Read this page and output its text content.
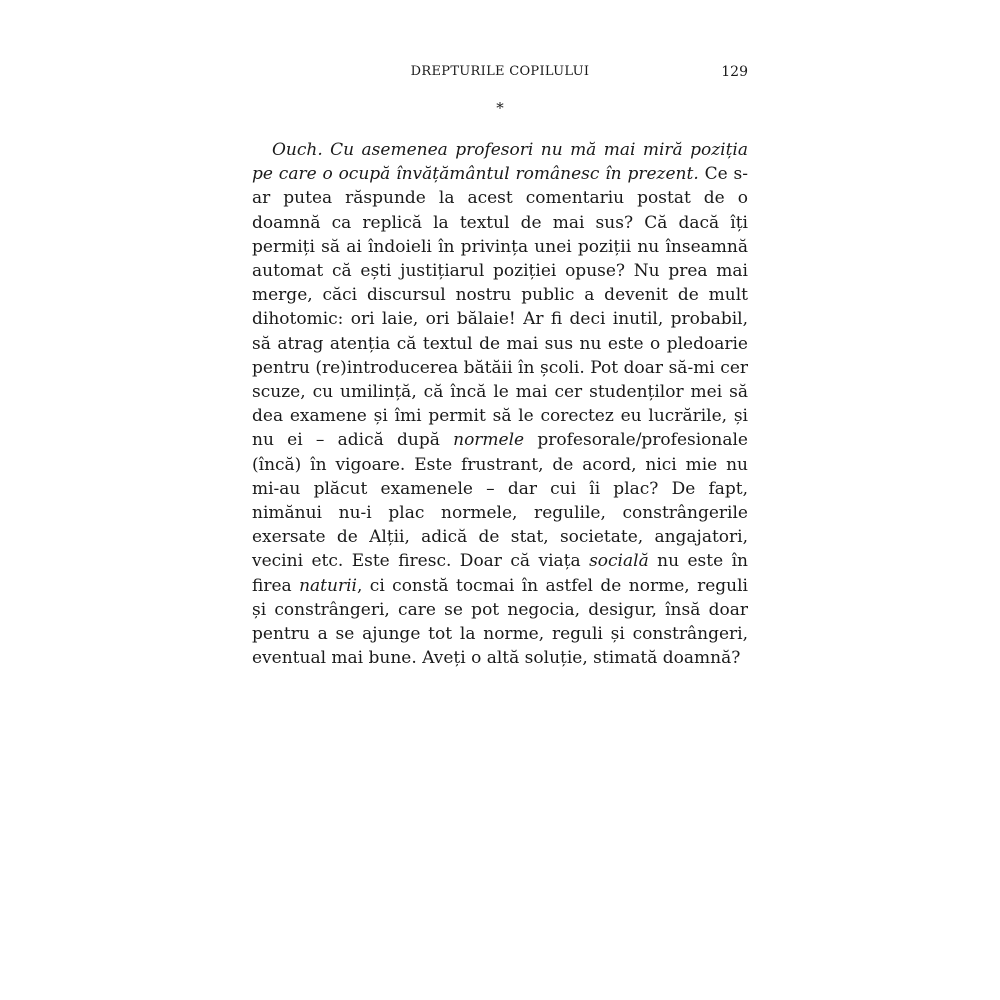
DREPTURILE COPILULUI	129
*

Ouch. Cu asemenea profesori nu mă mai miră poziția pe care o ocupă învățământul românesc în prezent. Ce s-ar putea răspunde la acest comentariu postat de o doamnă ca replică la textul de mai sus? Că dacă îți permiți să ai îndoieli în privința unei poziții nu înseamnă automat că ești justițiarul poziției opuse? Nu prea mai merge, căci discursul nostru public a devenit de mult dihotomic: ori laie, ori bălaie! Ar fi deci inutil, probabil, să atrag atenția că textul de mai sus nu este o pledoarie pentru (re)introducerea bătăii în școli. Pot doar să-mi cer scuze, cu umilință, că încă le mai cer studenților mei să dea examene și îmi permit să le corectez eu lucrările, și nu ei – adică după normele profesorale/profesionale (încă) în vigoare. Este frustrant, de acord, nici mie nu mi-au plăcut examenele – dar cui îi plac? De fapt, nimănui nu-i plac normele, regulile, constrângerile exersate de Alții, adică de stat, societate, angajatori, vecini etc. Este firesc. Doar că viața socială nu este în firea naturii, ci constă tocmai în astfel de norme, reguli și constrângeri, care se pot negocia, desigur, însă doar pentru a se ajunge tot la norme, reguli și constrângeri, eventual mai bune. Aveți o altă soluție, stimată doamnă?
